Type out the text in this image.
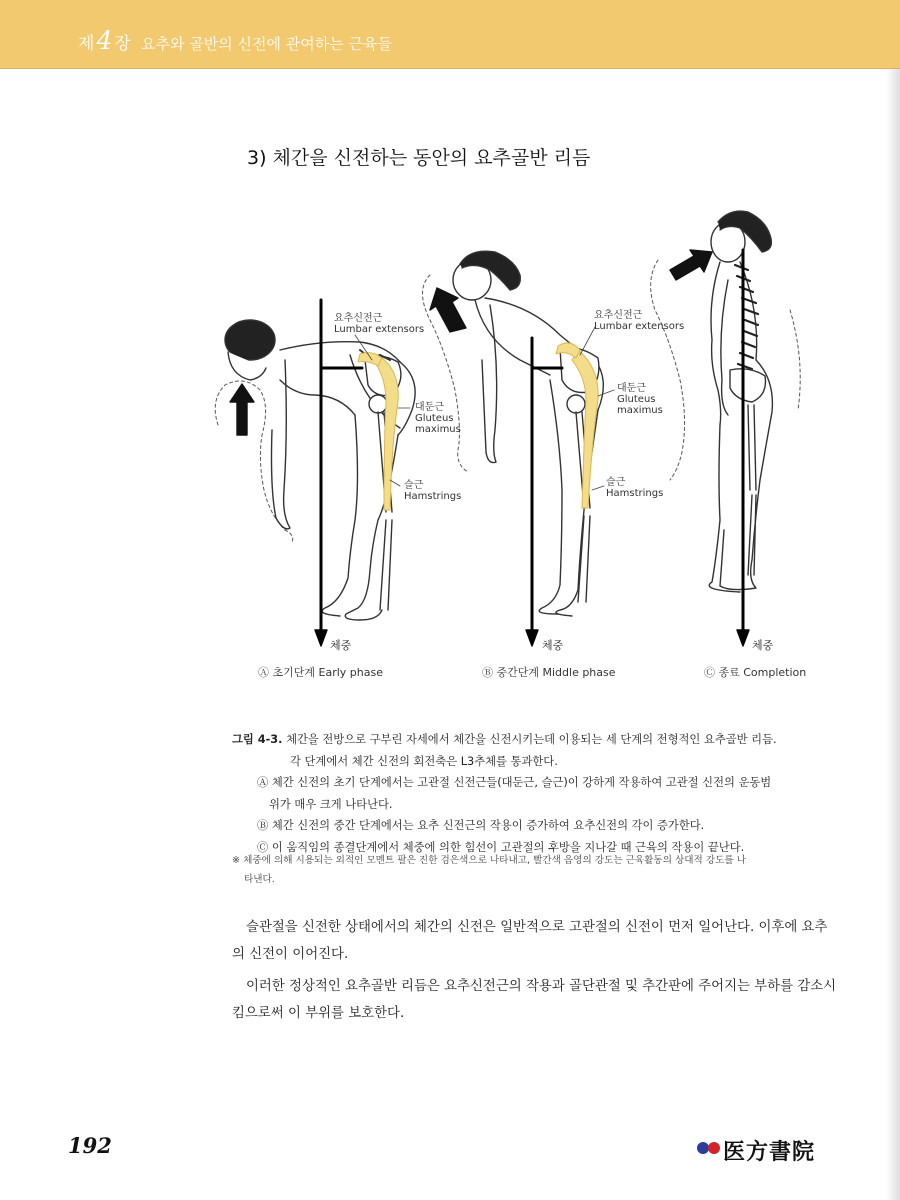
제4 장 요추와 골반의 신전에 관여하는 근육들
3) 체간을 신전하는 동안의 요추골반 리듬
요추신전근
Lumbar extensors
대둔근
Gluteus
maximus
슬근
Hamstrings
요추신전근
Lumbar extensors
대둔근
Gluteus
maximus
슬근
Hamstrings
체중	체중	체중
Ⓐ 초기단계 Early phase	Ⓑ 중간단계 Middle phase	Ⓒ 종료 Completion
그림 4-3. 체간을 전방으로 구부린 자세에서 체간을 신전시키는데 이용되는 세 단계의 전형적인 요추골반 리듬.
각 단계에서 체간 신전의 회전축은 L3추체를 통과한다.
Ⓐ 체간 신전의 초기 단계에서는 고관절 신전근들(대둔근, 슬근)이 강하게 작용하여 고관절 신전의 운동범
위가 매우 크게 나타난다.
Ⓑ 체간 신전의 중간 단계에서는 요추 신전근의 작용이 증가하여 요추신전의 각이 증가한다.
Ⓒ 이 움직임의 종결단계에서 체중에 의한 힘선이 고관절의 후방을 지나갈 때 근육의 작용이 끝난다.
※ 체중에 의해 시용되는 외적인 모멘트 팔은 진한 검은색으로 나타내고, 빨간색 음영의 강도는 근육활동의 상대적 강도를 나
타낸다.

슬관절을 신전한 상태에서의 체간의 신전은 일반적으로 고관절의 신전이 먼저 일어난다. 이후에 요추의 신전이 이어진다.

이러한 정상적인 요추골반 리듬은 요추신전근의 작용과 골단관절 및 추간판에 주어지는 부하를 감소시킴으로써 이 부위를 보호한다.

192	医方書院
